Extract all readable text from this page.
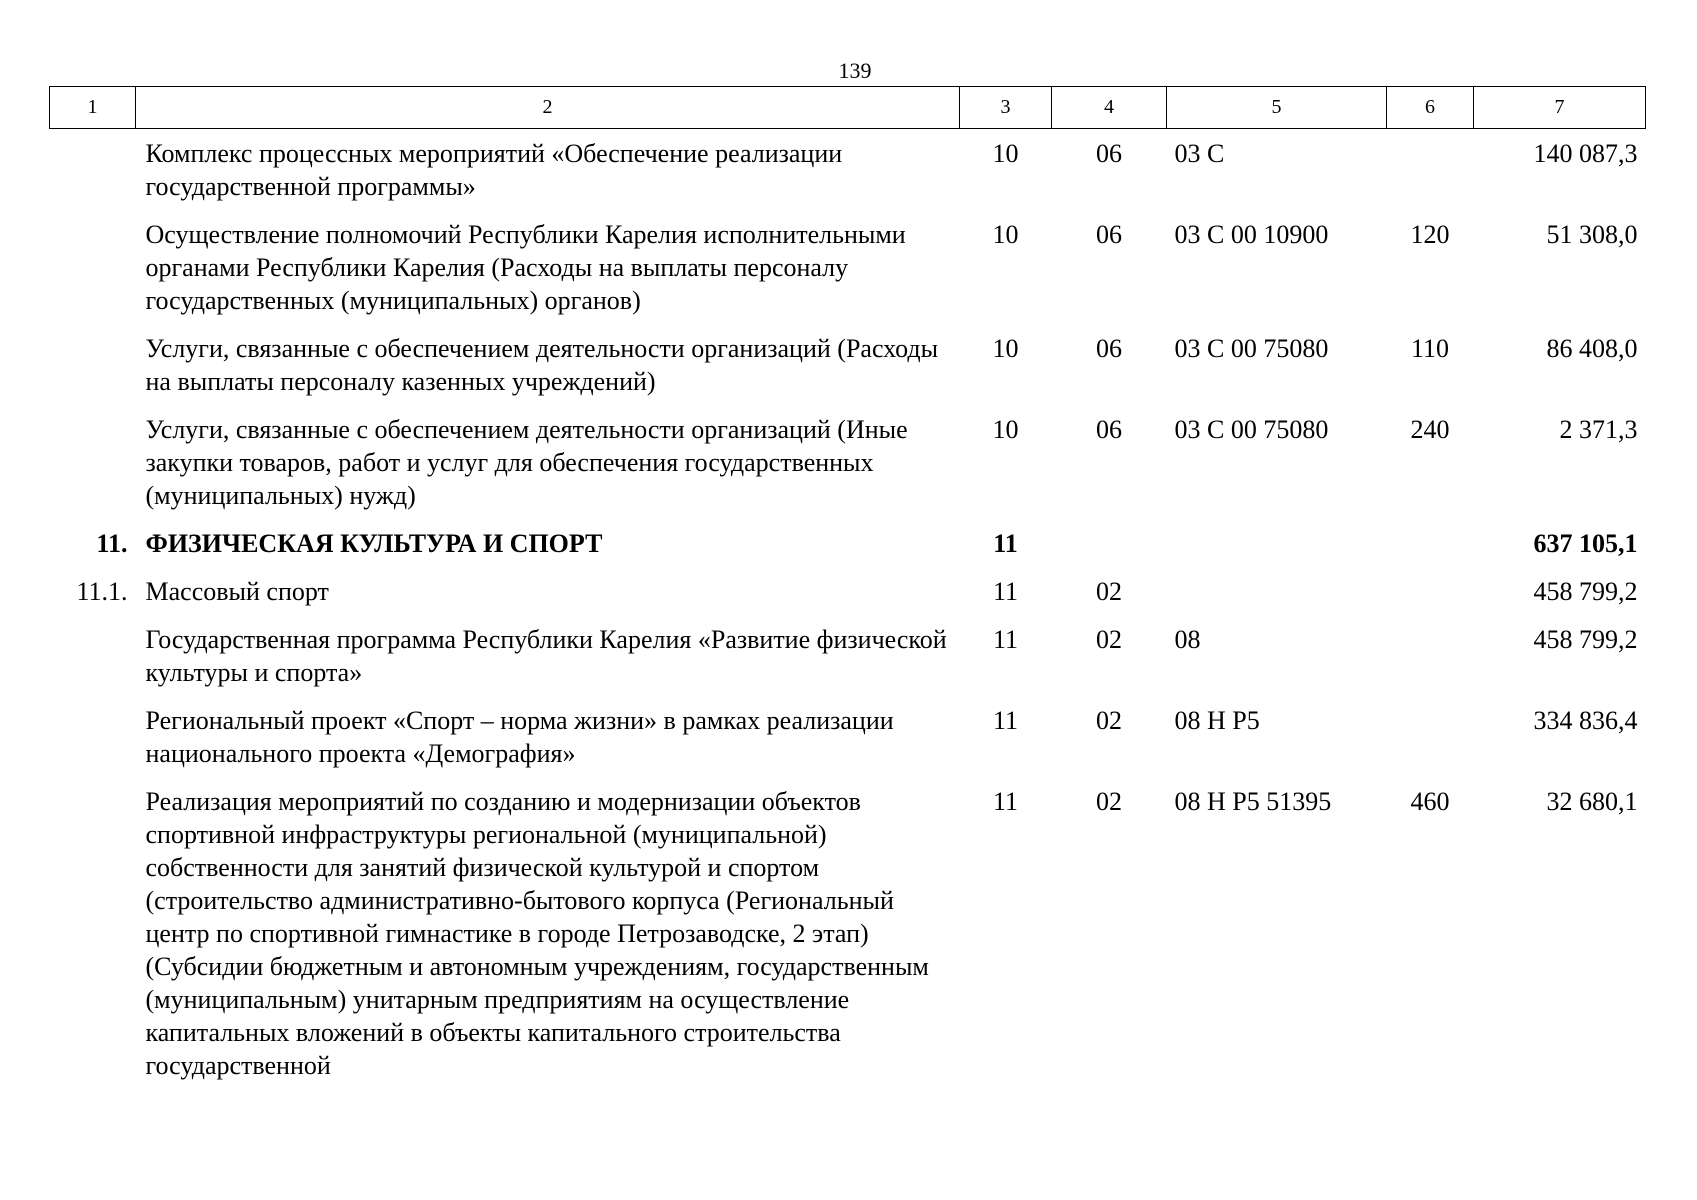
139
1	2	3	4	5	6	7
	Комплекс процессных мероприятий «Обеспечение реализации государственной программы»	10	06	03 С		140 087,3
	Осуществление полномочий Республики Карелия исполнительными органами Республики Карелия (Расходы на выплаты персоналу государственных (муниципальных) органов)	10	06	03 С 00 10900	120	51 308,0
	Услуги, связанные с обеспечением деятельности организаций (Расходы на выплаты персоналу казенных учреждений)	10	06	03 С 00 75080	110	86 408,0
	Услуги, связанные с обеспечением деятельности организаций (Иные закупки товаров, работ и услуг для обеспечения государственных (муниципальных) нужд)	10	06	03 С 00 75080	240	2 371,3
11.	ФИЗИЧЕСКАЯ КУЛЬТУРА И СПОРТ	11				637 105,1
11.1.	Массовый спорт	11	02			458 799,2
	Государственная программа Республики Карелия «Развитие физической культуры и спорта»	11	02	08		458 799,2
	Региональный проект «Спорт – норма жизни» в рамках реализации национального проекта «Демография»	11	02	08 Н Р5		334 836,4
	Реализация мероприятий по созданию и модернизации объектов спортивной инфраструктуры региональной (муниципальной) собственности для занятий физической культурой и спортом (строительство административно-бытового корпуса (Региональный центр по спортивной гимнастике в городе Петрозаводске, 2 этап) (Субсидии бюджетным и автономным учреждениям, государственным (муниципальным) унитарным предприятиям на осуществление капитальных вложений в объекты капитального строительства государственной	11	02	08 Н Р5 51395	460	32 680,1
